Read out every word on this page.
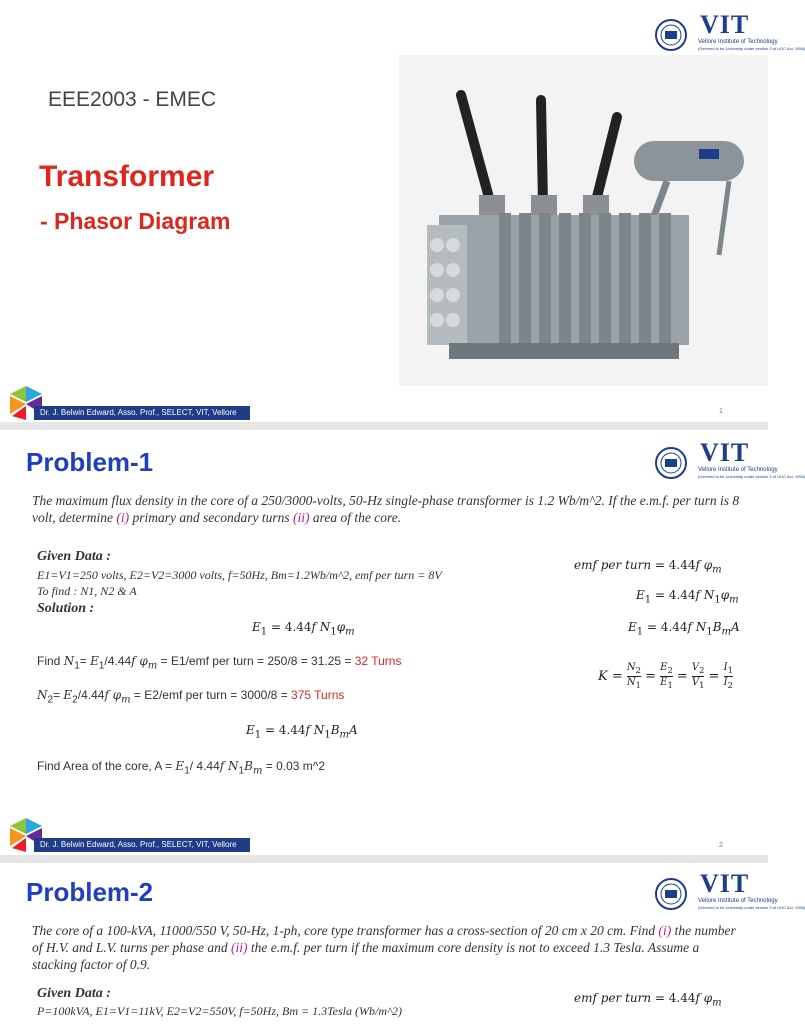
VIT
Vellore Institute of Technology
(Deemed to be University under section 3 of UGC Act, 1956)
EEE2003 - EMEC
Transformer
- Phasor Diagram
Dr. J. Belwin Edward, Asso. Prof., SELECT, VIT, Vellore	1
Problem-1	VIT
Vellore Institute of Technology
(Deemed to be University under section 3 of UGC Act, 1956)
The maximum flux density in the core of a 250/3000-volts, 50-Hz single-phase transformer is 1.2 Wb/m^2. If the e.m.f. per turn is 8 volt, determine (i) primary and secondary turns (ii) area of the core.
Given Data :
E1=V1=250 volts, E2=V2=3000 volts, f=50Hz, Bm=1.2Wb/m^2, emf per turn = 8V
To find : N1, N2 & A
Solution :
emf per turn = 4.44f $\varphi_m$
$E_1 = 4.44f$ $N_1\varphi_m$
$E_1 = 4.44f$ $N_1B_mA$
$K = N_2$

$N_1$
= $E_2$

$E_1$
= $V_2$

$V_1$
= $I_1$

$I_2$
$E_1 = 4.44f$ $N_1\varphi_m$
Find $N_1= E_1/4.44f$ $\varphi_m = E1/emf$ per turn = 250/8 = 31.25 = 32 Turns
$N_2= E_2/4.44f$ $\varphi_m = E2/emf$ per turn = 3000/8 = 375 Turns
$E_1 = 4.44f$ $N_1B_mA$
Find Area of the core, $A = E_1/$ 4.44f $N_1B_m = 0.03$ m^2
Dr. J. Belwin Edward, Asso. Prof., SELECT, VIT, Vellore	2
Problem-2	VIT
Vellore Institute of Technology
(Deemed to be University under section 3 of UGC Act, 1956)
The core of a 100-kVA, 11000/550 V, 50-Hz, 1-ph, core type transformer has a cross-section of 20 cm x 20 cm. Find (i) the number of H.V. and L.V. turns per phase and (ii) the e.m.f. per turn if the maximum core density is not to exceed 1.3 Tesla. Assume a stacking factor of 0.9.
Given Data :
P=100kVA, E1=V1=11kV, E2=V2=550V, f=50Hz, Bm = 1.3Tesla (Wb/m^2)
emf per turn = 4.44f $\varphi_m$
